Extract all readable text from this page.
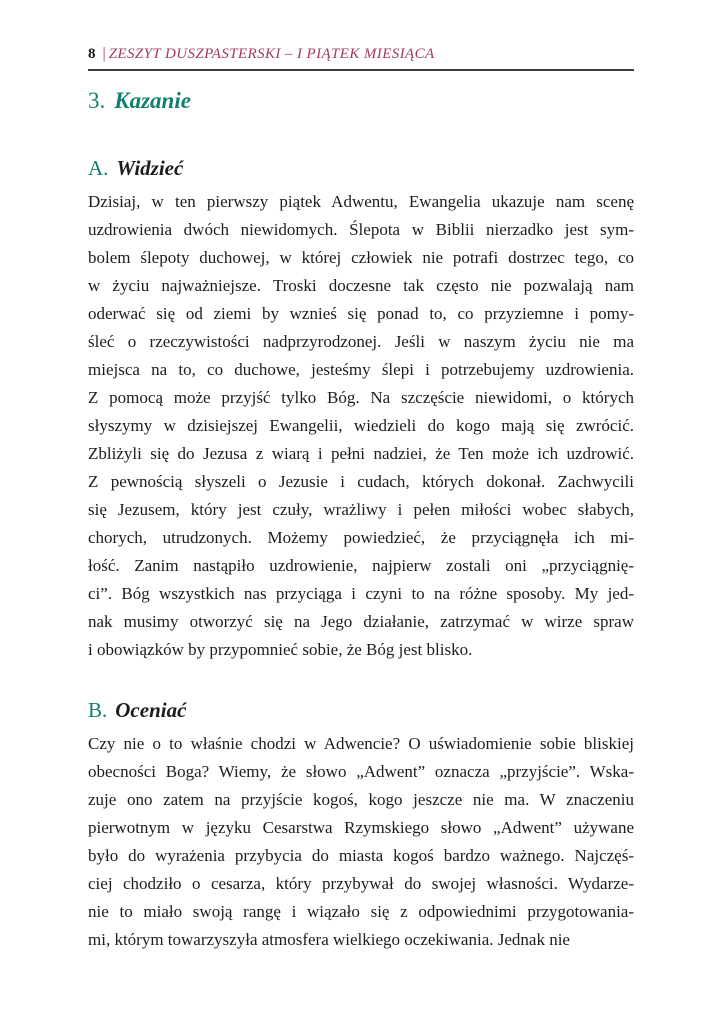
8 | ZESZYT DUSZPASTERSKI – I PIĄTEK MIESIĄCA
3. Kazanie
A. Widzieć
Dzisiaj, w ten pierwszy piątek Adwentu, Ewangelia ukazuje nam scenę
uzdrowienia dwóch niewidomych. Ślepota w Biblii nierzadko jest sym-
bolem ślepoty duchowej, w której człowiek nie potrafi dostrzec tego, co
w życiu najważniejsze. Troski doczesne tak często nie pozwalają nam
oderwać się od ziemi by wznieś się ponad to, co przyziemne i pomy-
śleć o rzeczywistości nadprzyrodzonej. Jeśli w naszym życiu nie ma
miejsca na to, co duchowe, jesteśmy ślepi i potrzebujemy uzdrowienia.
Z pomocą może przyjść tylko Bóg. Na szczęście niewidomi, o których
słyszymy w dzisiejszej Ewangelii, wiedzieli do kogo mają się zwrócić.
Zbliżyli się do Jezusa z wiarą i pełni nadziei, że Ten może ich uzdrowić.
Z pewnością słyszeli o Jezusie i cudach, których dokonał. Zachwycili
się Jezusem, który jest czuły, wrażliwy i pełen miłości wobec słabych,
chorych, utrudzonych. Możemy powiedzieć, że przyciągnęła ich mi-
łość. Zanim nastąpiło uzdrowienie, najpierw zostali oni „przyciągnię-
ci”. Bóg wszystkich nas przyciąga i czyni to na różne sposoby. My jed-
nak musimy otworzyć się na Jego działanie, zatrzymać w wirze spraw
i obowiązków by przypomnieć sobie, że Bóg jest blisko.
B. Oceniać
Czy nie o to właśnie chodzi w Adwencie? O uświadomienie sobie bliskiej
obecności Boga? Wiemy, że słowo „Adwent” oznacza „przyjście”. Wska-
zuje ono zatem na przyjście kogoś, kogo jeszcze nie ma. W znaczeniu
pierwotnym w języku Cesarstwa Rzymskiego słowo „Adwent” używane
było do wyrażenia przybycia do miasta kogoś bardzo ważnego. Najczęś-
ciej chodziło o cesarza, który przybywał do swojej własności. Wydarze-
nie to miało swoją rangę i wiązało się z odpowiednimi przygotowania-
mi, którym towarzyszyła atmosfera wielkiego oczekiwania. Jednak nie
